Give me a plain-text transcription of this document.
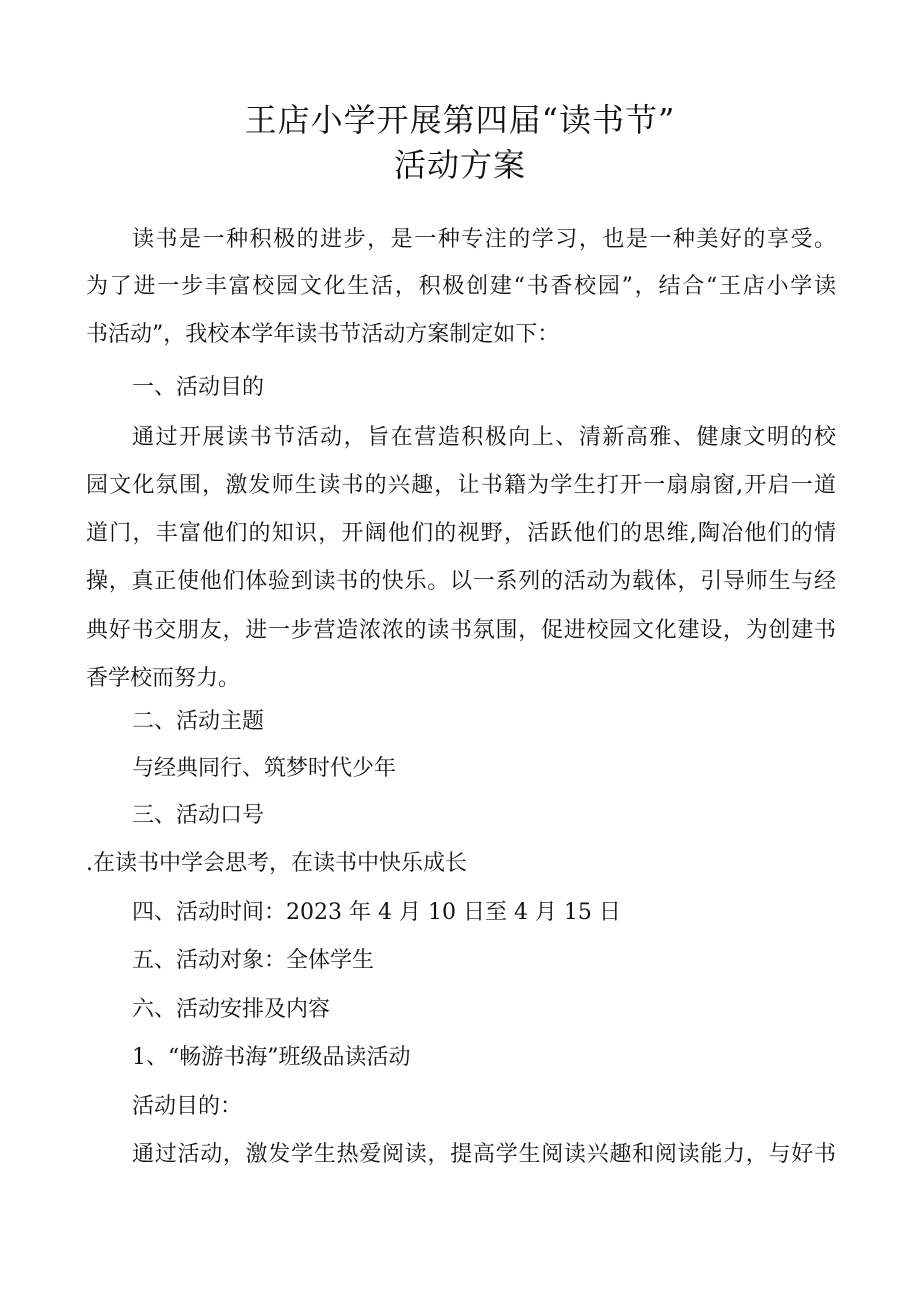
王店小学开展第四届“读书节”
活动方案
读书是一种积极的进步，是一种专注的学习，也是一种美好的享受。
为了进一步丰富校园文化生活，积极创建“书香校园”，结合“王店小学读
书活动”，我校本学年读书节活动方案制定如下：
一、活动目的
通过开展读书节活动，旨在营造积极向上、清新高雅、健康文明的校
园文化氛围，激发师生读书的兴趣，让书籍为学生打开一扇扇窗,开启一道
道门，丰富他们的知识，开阔他们的视野，活跃他们的思维,陶冶他们的情
操，真正使他们体验到读书的快乐。以一系列的活动为载体，引导师生与经
典好书交朋友，进一步营造浓浓的读书氛围，促进校园文化建设，为创建书
香学校而努力。
二、活动主题
与经典同行、筑梦时代少年
三、活动口号
.在读书中学会思考，在读书中快乐成长
四、活动时间：2023 年 4 月 10 日至 4 月 15 日
五、活动对象：全体学生
六、活动安排及内容
1、“畅游书海”班级品读活动
活动目的：
通过活动，激发学生热爱阅读，提高学生阅读兴趣和阅读能力，与好书
